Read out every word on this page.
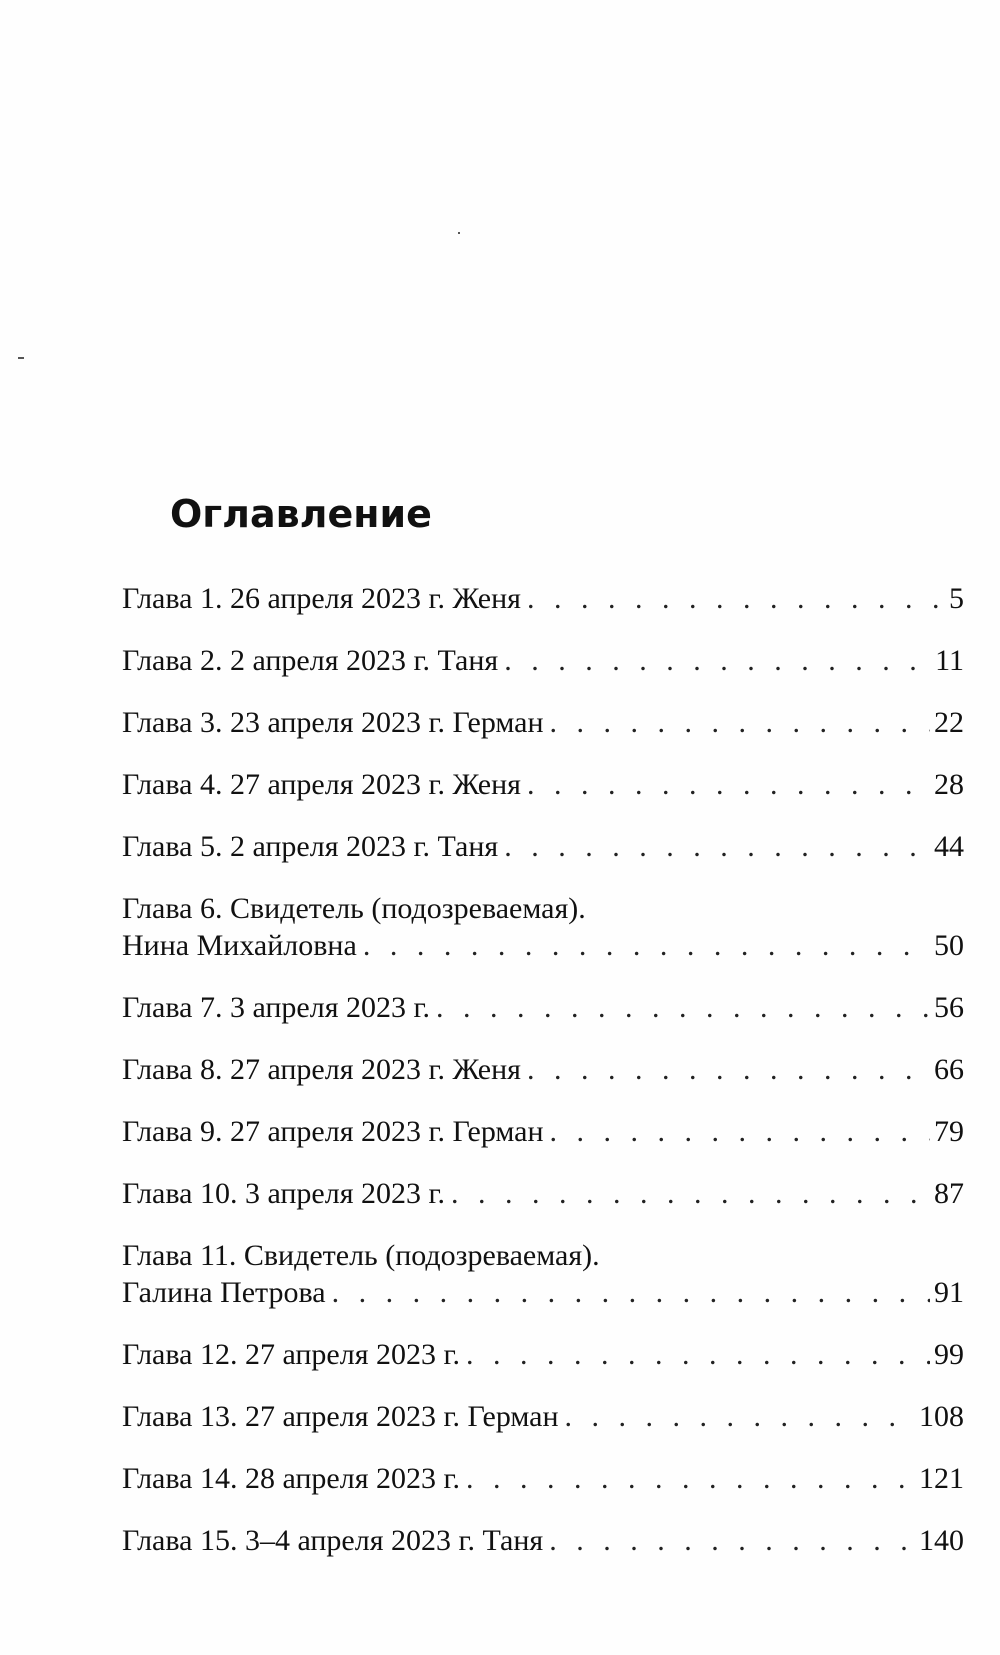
Оглавление
Глава 1. 26 апреля 2023 г. Женя . . .	5
Глава 2. 2 апреля 2023 г. Таня . . .	11
Глава 3. 23 апреля 2023 г. Герман . . .	22
Глава 4. 27 апреля 2023 г. Женя . . .	28
Глава 5. 2 апреля 2023 г. Таня . . .	44
Глава 6. Свидетель (подозреваемая).
Нина Михайловна . . .	50
Глава 7. 3 апреля 2023 г. . . .	56
Глава 8. 27 апреля 2023 г. Женя . . .	66
Глава 9. 27 апреля 2023 г. Герман . . .	79
Глава 10. 3 апреля 2023 г. . . .	87
Глава 11. Свидетель (подозреваемая).
Галина Петрова . . .	91
Глава 12. 27 апреля 2023 г. . . .	99
Глава 13. 27 апреля 2023 г. Герман . . .	108
Глава 14. 28 апреля 2023 г. . . .	121
Глава 15. 3–4 апреля 2023 г. Таня . . .	140
